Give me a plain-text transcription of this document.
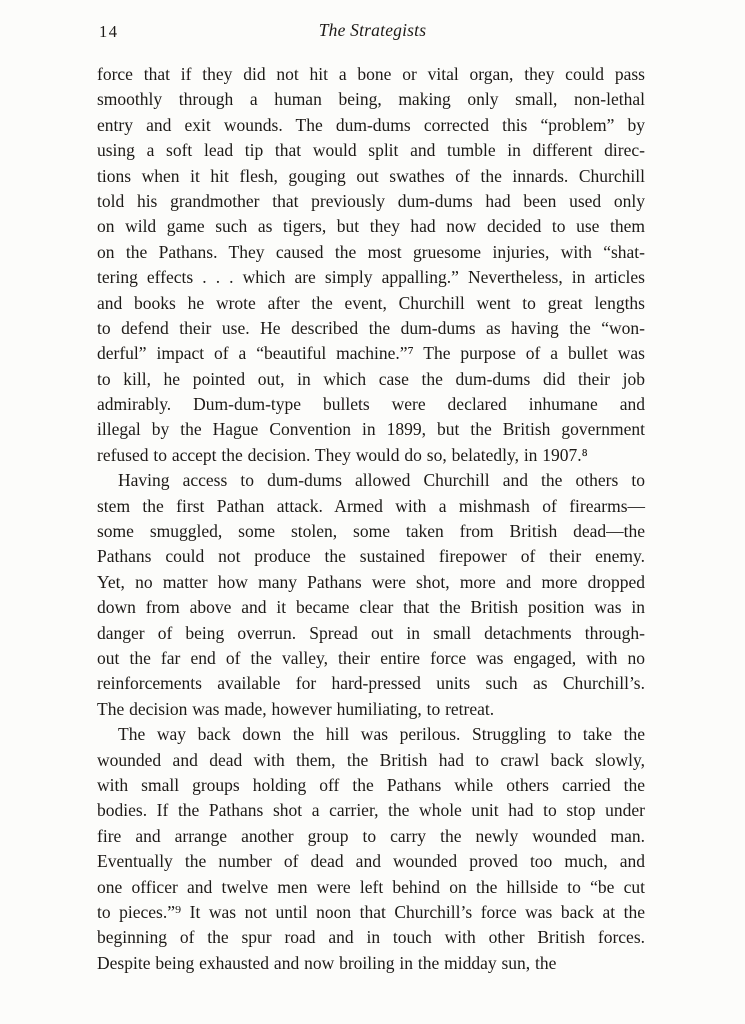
14	The Strategists
force that if they did not hit a bone or vital organ, they could pass
smoothly through a human being, making only small, non-lethal
entry and exit wounds. The dum-dums corrected this “problem” by
using a soft lead tip that would split and tumble in different direc-
tions when it hit flesh, gouging out swathes of the innards. Churchill
told his grandmother that previously dum-dums had been used only
on wild game such as tigers, but they had now decided to use them
on the Pathans. They caused the most gruesome injuries, with “shat-
tering effects . . . which are simply appalling.” Nevertheless, in articles
and books he wrote after the event, Churchill went to great lengths
to defend their use. He described the dum-dums as having the “won-
derful” impact of a “beautiful machine.”⁷ The purpose of a bullet was
to kill, he pointed out, in which case the dum-dums did their job
admirably. Dum-dum-type bullets were declared inhumane and
illegal by the Hague Convention in 1899, but the British government
refused to accept the decision. They would do so, belatedly, in 1907.⁸
Having access to dum-dums allowed Churchill and the others to
stem the first Pathan attack. Armed with a mishmash of firearms—
some smuggled, some stolen, some taken from British dead—the
Pathans could not produce the sustained firepower of their enemy.
Yet, no matter how many Pathans were shot, more and more dropped
down from above and it became clear that the British position was in
danger of being overrun. Spread out in small detachments through-
out the far end of the valley, their entire force was engaged, with no
reinforcements available for hard-pressed units such as Churchill’s.
The decision was made, however humiliating, to retreat.
The way back down the hill was perilous. Struggling to take the
wounded and dead with them, the British had to crawl back slowly,
with small groups holding off the Pathans while others carried the
bodies. If the Pathans shot a carrier, the whole unit had to stop under
fire and arrange another group to carry the newly wounded man.
Eventually the number of dead and wounded proved too much, and
one officer and twelve men were left behind on the hillside to “be cut
to pieces.”⁹ It was not until noon that Churchill’s force was back at the
beginning of the spur road and in touch with other British forces.
Despite being exhausted and now broiling in the midday sun, the
